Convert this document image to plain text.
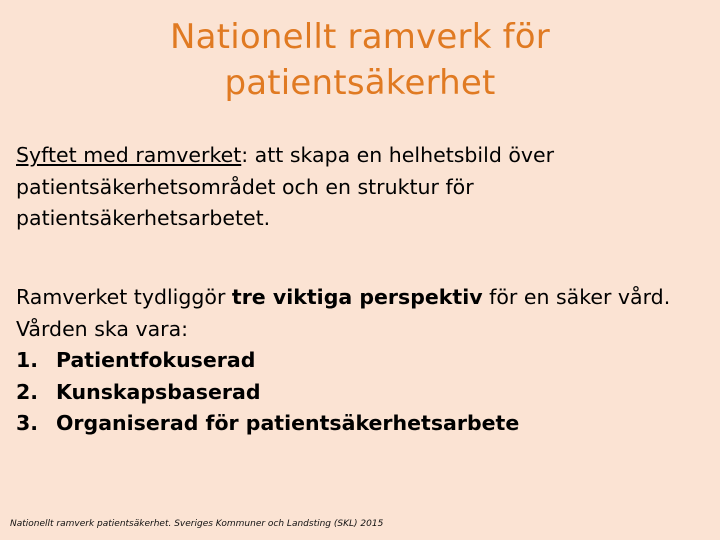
Nationellt ramverk för
patientsäkerhet
Syftet med ramverket: att skapa en helhetsbild över
patientsäkerhetsområdet och en struktur för
patientsäkerhetsarbetet.
Ramverket tydliggör tre viktiga perspektiv för en säker vård.
Vården ska vara:
1. Patientfokuserad
2. Kunskapsbaserad
3. Organiserad för patientsäkerhetsarbete
Nationellt ramverk patientsäkerhet. Sveriges Kommuner och Landsting (SKL) 2015
